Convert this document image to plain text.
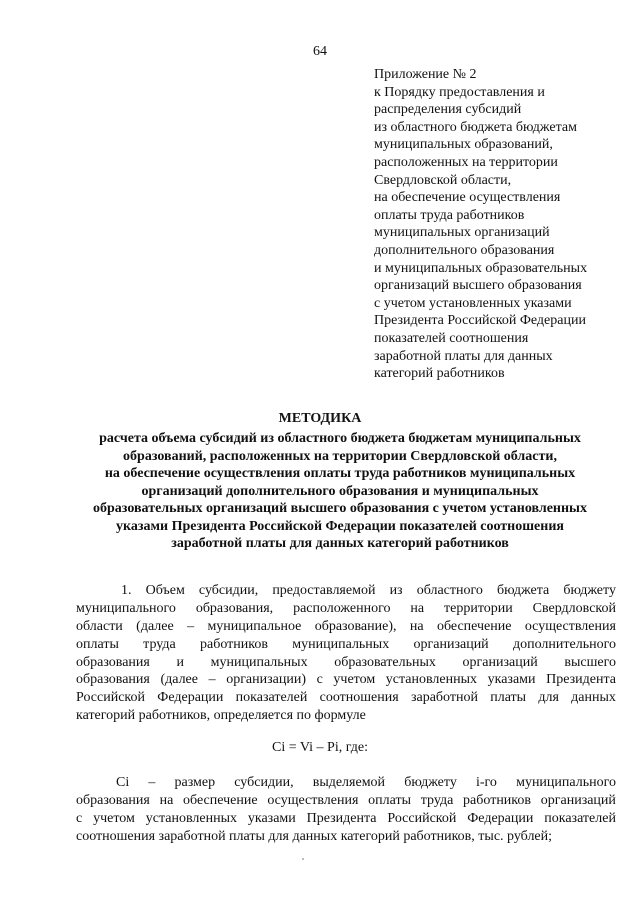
64
Приложение № 2
к Порядку предоставления и
распределения субсидий
из областного бюджета бюджетам
муниципальных образований,
расположенных на территории
Свердловской области,
на обеспечение осуществления
оплаты труда работников
муниципальных организаций
дополнительного образования
и муниципальных образовательных
организаций высшего образования
с учетом установленных указами
Президента Российской Федерации
показателей соотношения
заработной платы для данных
категорий работников
МЕТОДИКА
расчета объема субсидий из областного бюджета бюджетам муниципальных
образований, расположенных на территории Свердловской области,
на обеспечение осуществления оплаты труда работников муниципальных
организаций дополнительного образования и муниципальных
образовательных организаций высшего образования с учетом установленных
указами Президента Российской Федерации показателей соотношения
заработной платы для данных категорий работников
1. Объем субсидии, предоставляемой из областного бюджета бюджету
муниципального образования, расположенного на территории Свердловской
области (далее – муниципальное образование), на обеспечение осуществления
оплаты труда работников муниципальных организаций дополнительного
образования и муниципальных образовательных организаций высшего
образования (далее – организации) с учетом установленных указами Президента
Российской Федерации показателей соотношения заработной платы для данных
категорий работников, определяется по формуле
Ci = Vi – Pi, где:
Ci – размер субсидии, выделяемой бюджету i-го муниципального
образования на обеспечение осуществления оплаты труда работников организаций
с учетом установленных указами Президента Российской Федерации показателей
соотношения заработной платы для данных категорий работников, тыс. рублей;
